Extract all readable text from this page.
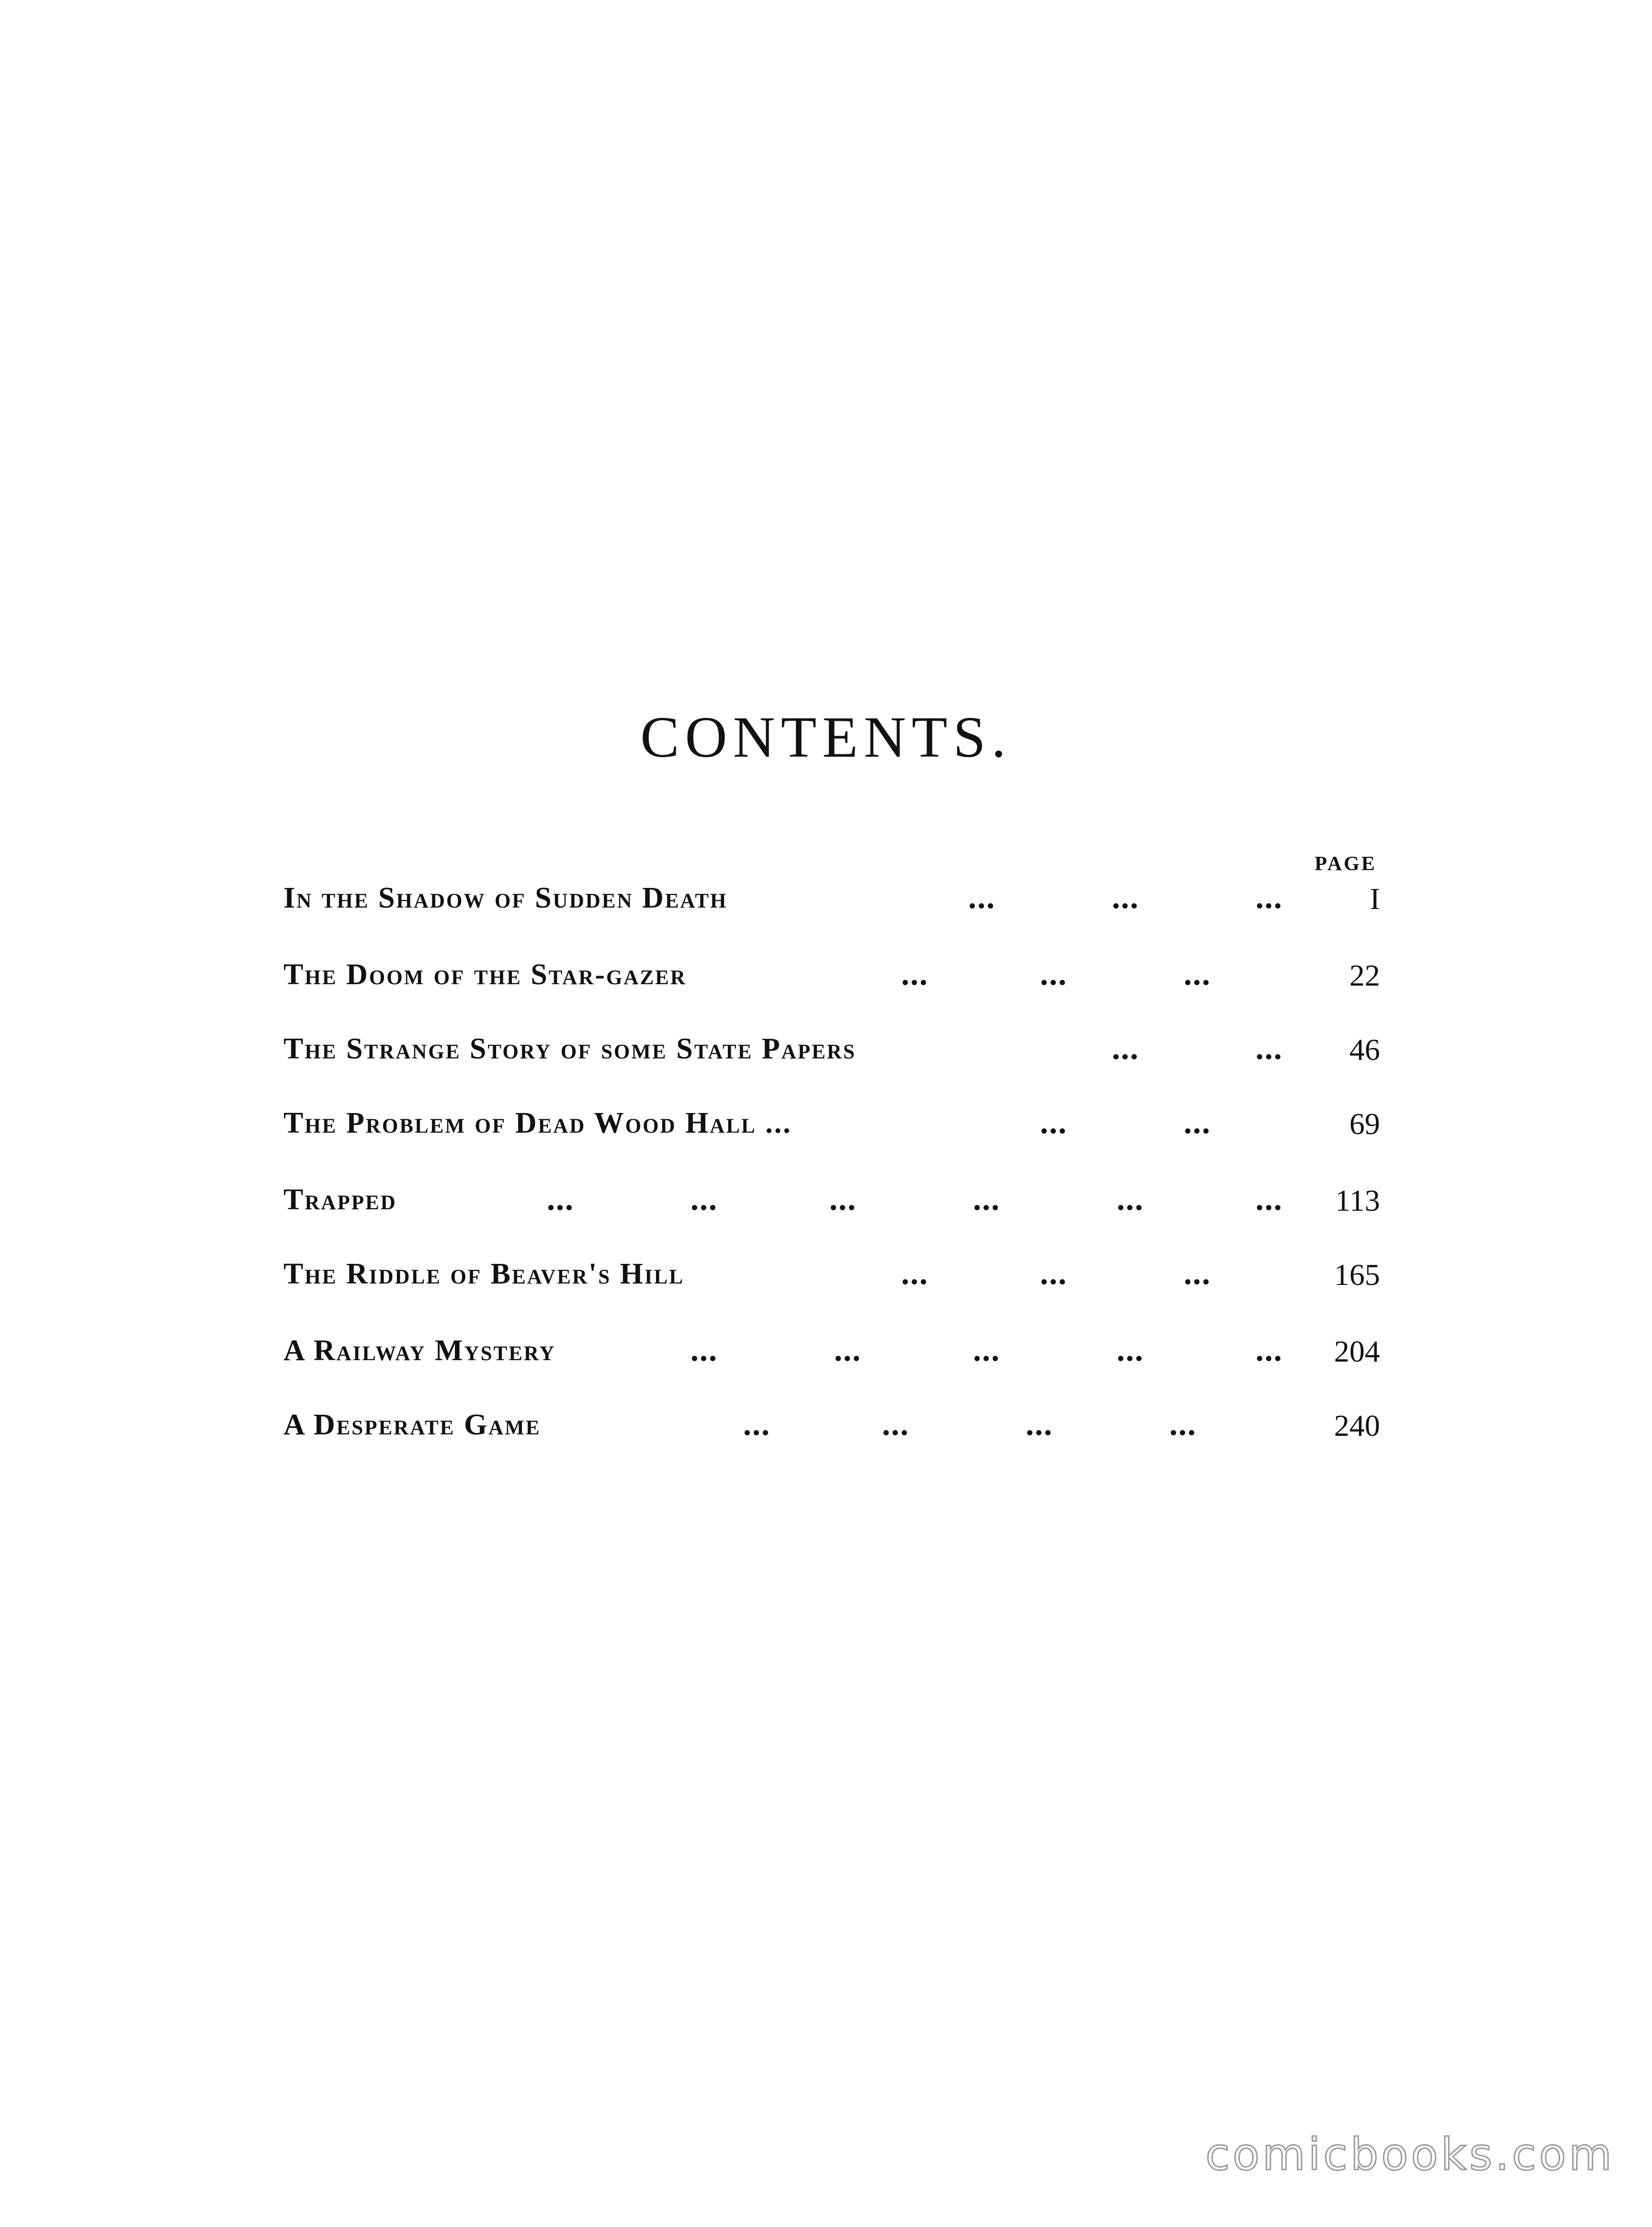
CONTENTS.
PAGE
In the Shadow of Sudden Death	...	...	...	I
The Doom of the Star-gazer	...	...	...	22
The Strange Story of some State Papers	...	... 46
The Problem of Dead Wood Hall ...	...	...	69
Trapped	...	...	...	...	...	... 113
The Riddle of Beaver's Hill	...	...	...	165
A Railway Mystery	...	...	...	...	... 204
A Desperate Game	...	...	...	...	240
comicbooks.com
